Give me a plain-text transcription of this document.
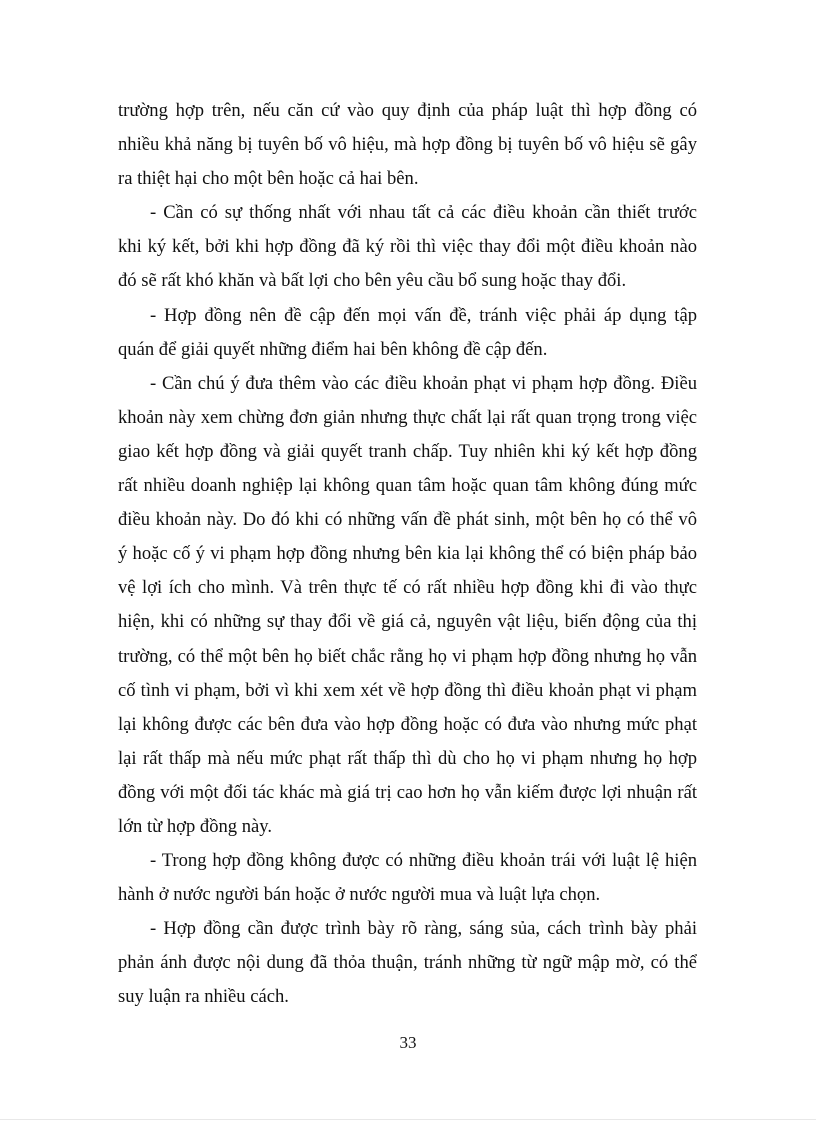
trường hợp trên, nếu căn cứ vào quy định của pháp luật thì hợp đồng có
nhiều khả năng bị tuyên bố vô hiệu, mà hợp đồng bị tuyên bố vô hiệu sẽ gây
ra thiệt hại cho một bên hoặc cả hai bên.
- Cần có sự thống nhất với nhau tất cả các điều khoản cần thiết trước
khi ký kết, bởi khi hợp đồng đã ký rồi thì việc thay đổi một điều khoản nào
đó sẽ rất khó khăn và bất lợi cho bên yêu cầu bổ sung hoặc thay đổi.
- Hợp đồng nên đề cập đến mọi vấn đề, tránh việc phải áp dụng tập
quán để giải quyết những điểm hai bên không đề cập đến.
- Cần chú ý đưa thêm vào các điều khoản phạt vi phạm hợp đồng. Điều
khoản này xem chừng đơn giản nhưng thực chất lại rất quan trọng trong việc
giao kết hợp đồng và giải quyết tranh chấp. Tuy nhiên khi ký kết hợp đồng
rất nhiều doanh nghiệp lại không quan tâm hoặc quan tâm không đúng mức
điều khoản này. Do đó khi có những vấn đề phát sinh, một bên họ có thể vô
ý hoặc cố ý vi phạm hợp đồng nhưng bên kia lại không thể có biện pháp bảo
vệ lợi ích cho mình. Và trên thực tế có rất nhiều hợp đồng khi đi vào thực
hiện, khi có những sự thay đổi về giá cả, nguyên vật liệu, biến động của thị
trường, có thể một bên họ biết chắc rằng họ vi phạm hợp đồng nhưng họ vẫn
cố tình vi phạm, bởi vì khi xem xét về hợp đồng thì điều khoản phạt vi phạm
lại không được các bên đưa vào hợp đồng hoặc có đưa vào nhưng mức phạt
lại rất thấp mà nếu mức phạt rất thấp thì dù cho họ vi phạm nhưng họ hợp
đồng với một đối tác khác mà giá trị cao hơn họ vẫn kiếm được lợi nhuận rất
lớn từ hợp đồng này.
- Trong hợp đồng không được có những điều khoản trái với luật lệ hiện
hành ở nước người bán hoặc ở nước người mua và luật lựa chọn.
- Hợp đồng cần được trình bày rõ ràng, sáng sủa, cách trình bày phải
phản ánh được nội dung đã thỏa thuận, tránh những từ ngữ mập mờ, có thể
suy luận ra nhiều cách.
33
